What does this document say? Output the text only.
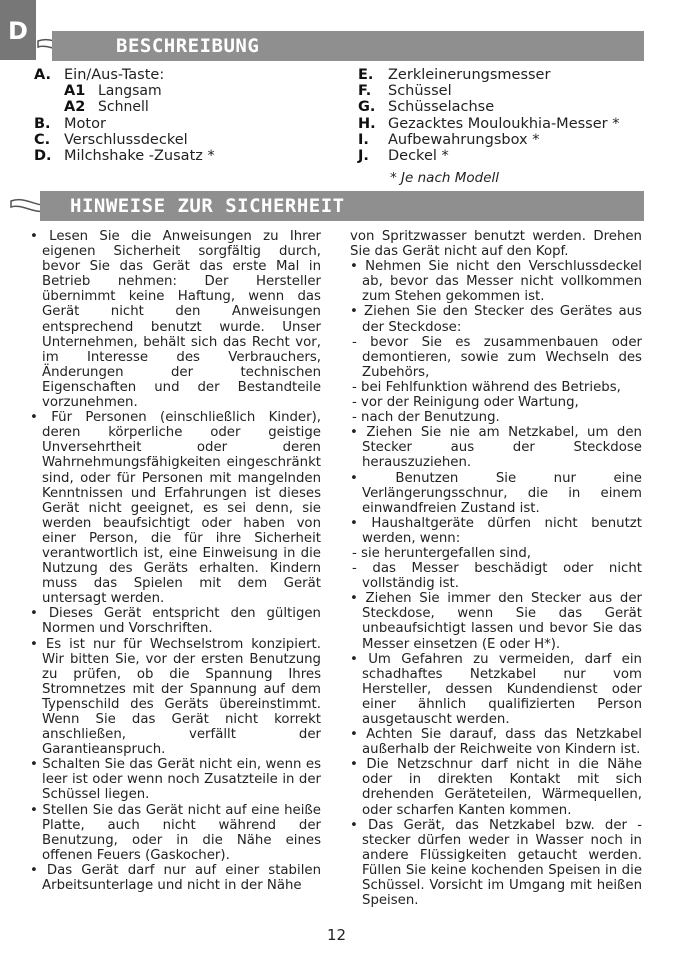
D
BESCHREIBUNG
A. Ein/Aus-Taste:
A1 Langsam
A2 Schnell
B. Motor
C. Verschlussdeckel
D. Milchshake -Zusatz *
E. Zerkleinerungsmesser
F. Schüssel
G. Schüsselachse
H. Gezacktes Mouloukhia-Messer *
I. Aufbewahrungsbox *
J. Deckel *
* Je nach Modell
HINWEISE ZUR SICHERHEIT

• Lesen Sie die Anweisungen zu Ihrer eigenen Sicherheit sorgfältig durch, bevor Sie das Gerät das erste Mal in Betrieb nehmen: Der Hersteller übernimmt keine Haftung, wenn das Gerät nicht den Anweisungen entsprechend benutzt wurde. Unser Unternehmen, behält sich das Recht vor, im Interesse des Verbrauchers, Änderungen der technischen Eigenschaften und der Bestandteile vorzunehmen.

• Für Personen (einschließlich Kinder), deren körperliche oder geistige Unversehrtheit oder deren Wahrnehmungsfähigkeiten eingeschränkt sind, oder für Personen mit mangelnden Kenntnissen und Erfahrungen ist dieses Gerät nicht geeignet, es sei denn, sie werden beaufsichtigt oder haben von einer Person, die für ihre Sicherheit verantwortlich ist, eine Einweisung in die Nutzung des Geräts erhalten. Kindern muss das Spielen mit dem Gerät untersagt werden.

• Dieses Gerät entspricht den gültigen Normen und Vorschriften.

• Es ist nur für Wechselstrom konzipiert. Wir bitten Sie, vor der ersten Benutzung zu prüfen, ob die Spannung Ihres Stromnetzes mit der Spannung auf dem Typenschild des Geräts übereinstimmt. Wenn Sie das Gerät nicht korrekt anschließen, verfällt der Garantieanspruch.

• Schalten Sie das Gerät nicht ein, wenn es leer ist oder wenn noch Zusatzteile in der Schüssel liegen.

• Stellen Sie das Gerät nicht auf eine heiße Platte, auch nicht während der Benutzung, oder in die Nähe eines offenen Feuers (Gaskocher).

• Das Gerät darf nur auf einer stabilen Arbeitsunterlage und nicht in der Nähe

von Spritzwasser benutzt werden. Drehen Sie das Gerät nicht auf den Kopf.

• Nehmen Sie nicht den Verschlussdeckel ab, bevor das Messer nicht vollkommen zum Stehen gekommen ist.

• Ziehen Sie den Stecker des Gerätes aus der Steckdose:

- bevor Sie es zusammenbauen oder demontieren, sowie zum Wechseln des Zubehörs,

- bei Fehlfunktion während des Betriebs,

- vor der Reinigung oder Wartung,

- nach der Benutzung.

• Ziehen Sie nie am Netzkabel, um den Stecker aus der Steckdose herauszuziehen.

• Benutzen Sie nur eine Verlängerungsschnur, die in einem einwandfreien Zustand ist.

• Haushaltgeräte dürfen nicht benutzt werden, wenn:

- sie heruntergefallen sind,

- das Messer beschädigt oder nicht vollständig ist.

• Ziehen Sie immer den Stecker aus der Steckdose, wenn Sie das Gerät unbeaufsichtigt lassen und bevor Sie das Messer einsetzen (E oder H*).

• Um Gefahren zu vermeiden, darf ein schadhaftes Netzkabel nur vom Hersteller, dessen Kundendienst oder einer ähnlich qualifizierten Person ausgetauscht werden.

• Achten Sie darauf, dass das Netzkabel außerhalb der Reichweite von Kindern ist.

• Die Netzschnur darf nicht in die Nähe oder in direkten Kontakt mit sich drehenden Geräteteilen, Wärmequellen, oder scharfen Kanten kommen.

• Das Gerät, das Netzkabel bzw. der -stecker dürfen weder in Wasser noch in andere Flüssigkeiten getaucht werden. Füllen Sie keine kochenden Speisen in die Schüssel. Vorsicht im Umgang mit heißen Speisen.

12
